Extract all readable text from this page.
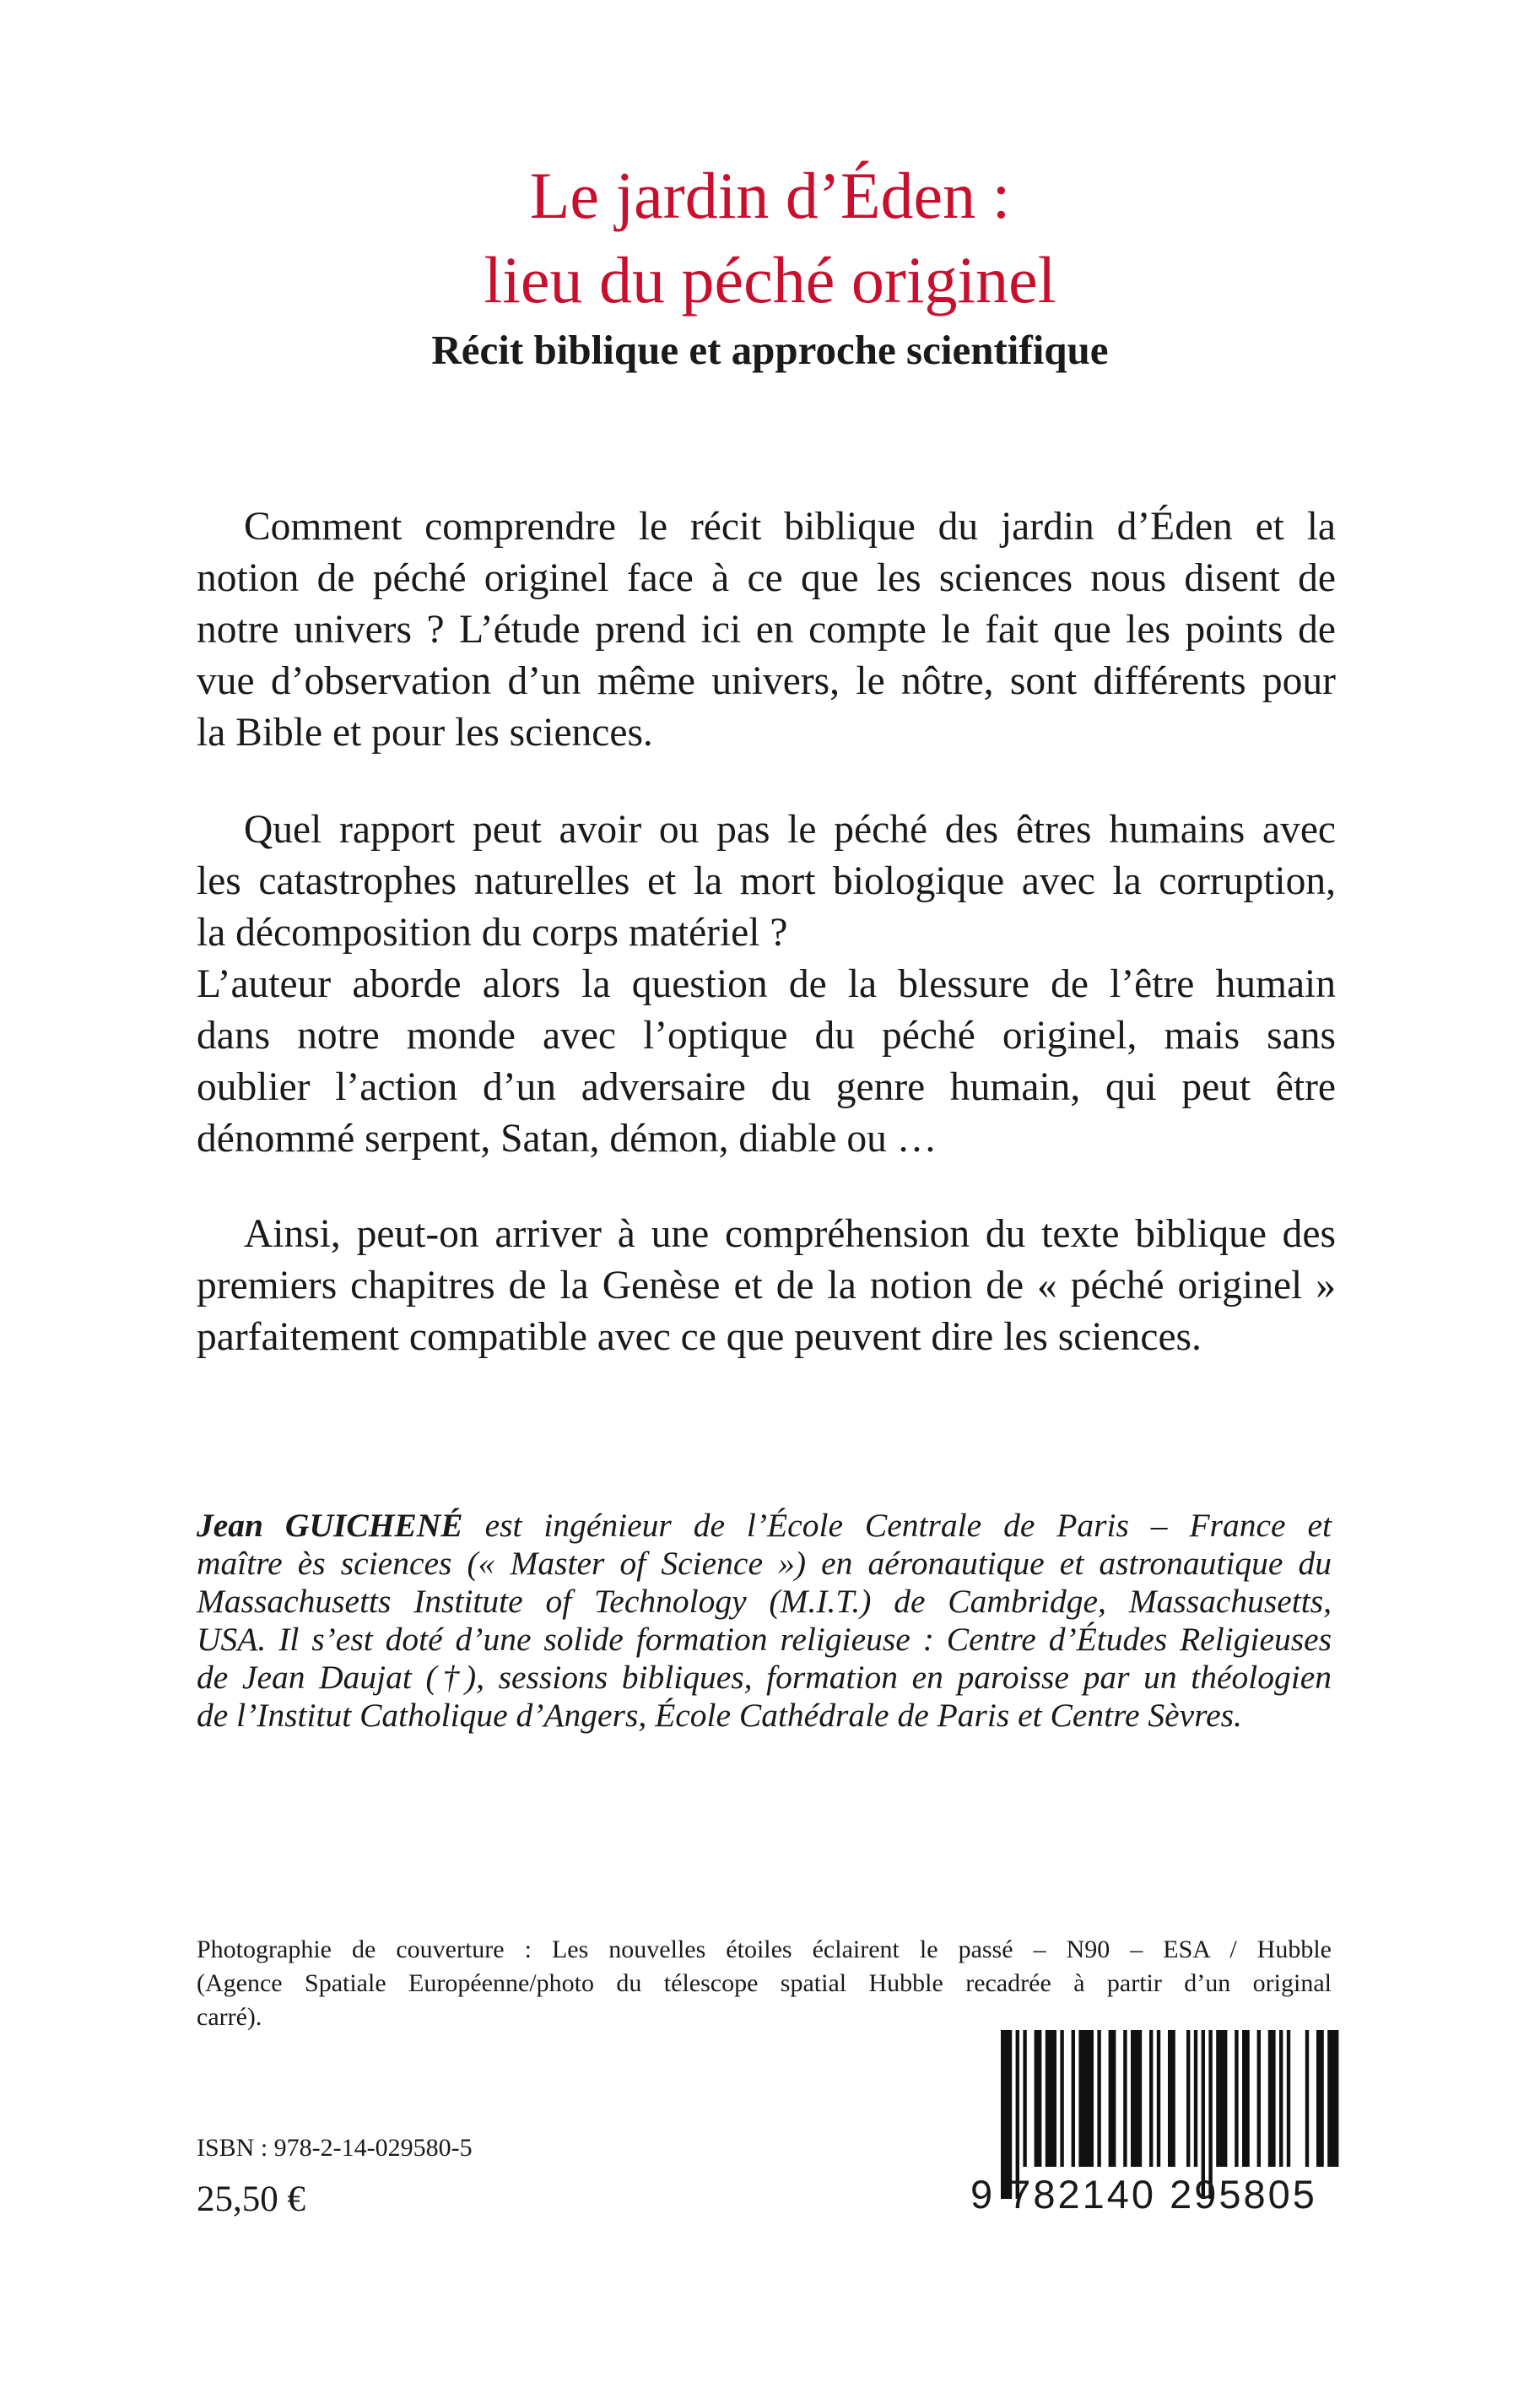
Le jardin d’Éden :
lieu du péché originel
Récit biblique et approche scientifique
Comment comprendre le récit biblique du jardin d’Éden et la
notion de péché originel face à ce que les sciences nous disent de
notre univers ? L’étude prend ici en compte le fait que les points de
vue d’observation d’un même univers, le nôtre, sont différents pour
la Bible et pour les sciences.
Quel rapport peut avoir ou pas le péché des êtres humains avec
les catastrophes naturelles et la mort biologique avec la corruption,
la décomposition du corps matériel ?
L’auteur aborde alors la question de la blessure de l’être humain
dans notre monde avec l’optique du péché originel, mais sans
oublier l’action d’un adversaire du genre humain, qui peut être
dénommé serpent, Satan, démon, diable ou …
Ainsi, peut-on arriver à une compréhension du texte biblique des
premiers chapitres de la Genèse et de la notion de « péché originel »
parfaitement compatible avec ce que peuvent dire les sciences.
Jean GUICHENÉ est ingénieur de l’École Centrale de Paris – France et
maître ès sciences (« Master of Science ») en aéronautique et astronautique du
Massachusetts Institute of Technology (M.I.T.) de Cambridge, Massachusetts,
USA. Il s’est doté d’une solide formation religieuse : Centre d’Études Religieuses
de Jean Daujat (†), sessions bibliques, formation en paroisse par un théologien
de l’Institut Catholique d’Angers, École Cathédrale de Paris et Centre Sèvres.
Photographie de couverture : Les nouvelles étoiles éclairent le passé – N90 – ESA / Hubble
(Agence Spatiale Européenne/photo du télescope spatial Hubble recadrée à partir d’un original
carré).
ISBN : 978-2-14-029580-5
25,50 €	9 782140 295805
